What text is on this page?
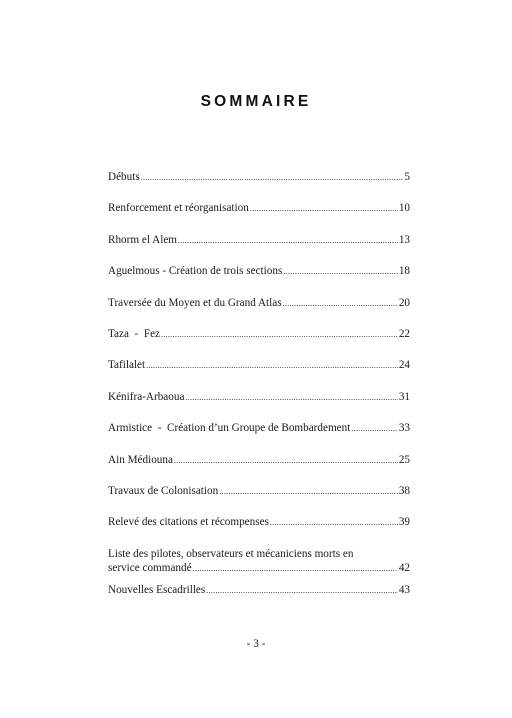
SOMMAIRE
Débuts .....	5
Renforcement et réorganisation .....	10
Rhorm el Alem .....	13
Aguelmous - Création de trois sections .....	18
Traversée du Moyen et du Grand Atlas .....	20
Taza  -  Fez .....	22
Tafilalet .....	24
Kénifra-Arbaoua .....	31
Armistice  -  Création d’un Groupe de Bombardement .....	33
Ain Médiouna .....	25
Travaux de Colonisation .....	38
Relevé des citations et récompenses .....	39
Liste des pilotes, observateurs et mécaniciens morts en
service commandé .....	42
Nouvelles Escadrilles .....	43
- 3 -
